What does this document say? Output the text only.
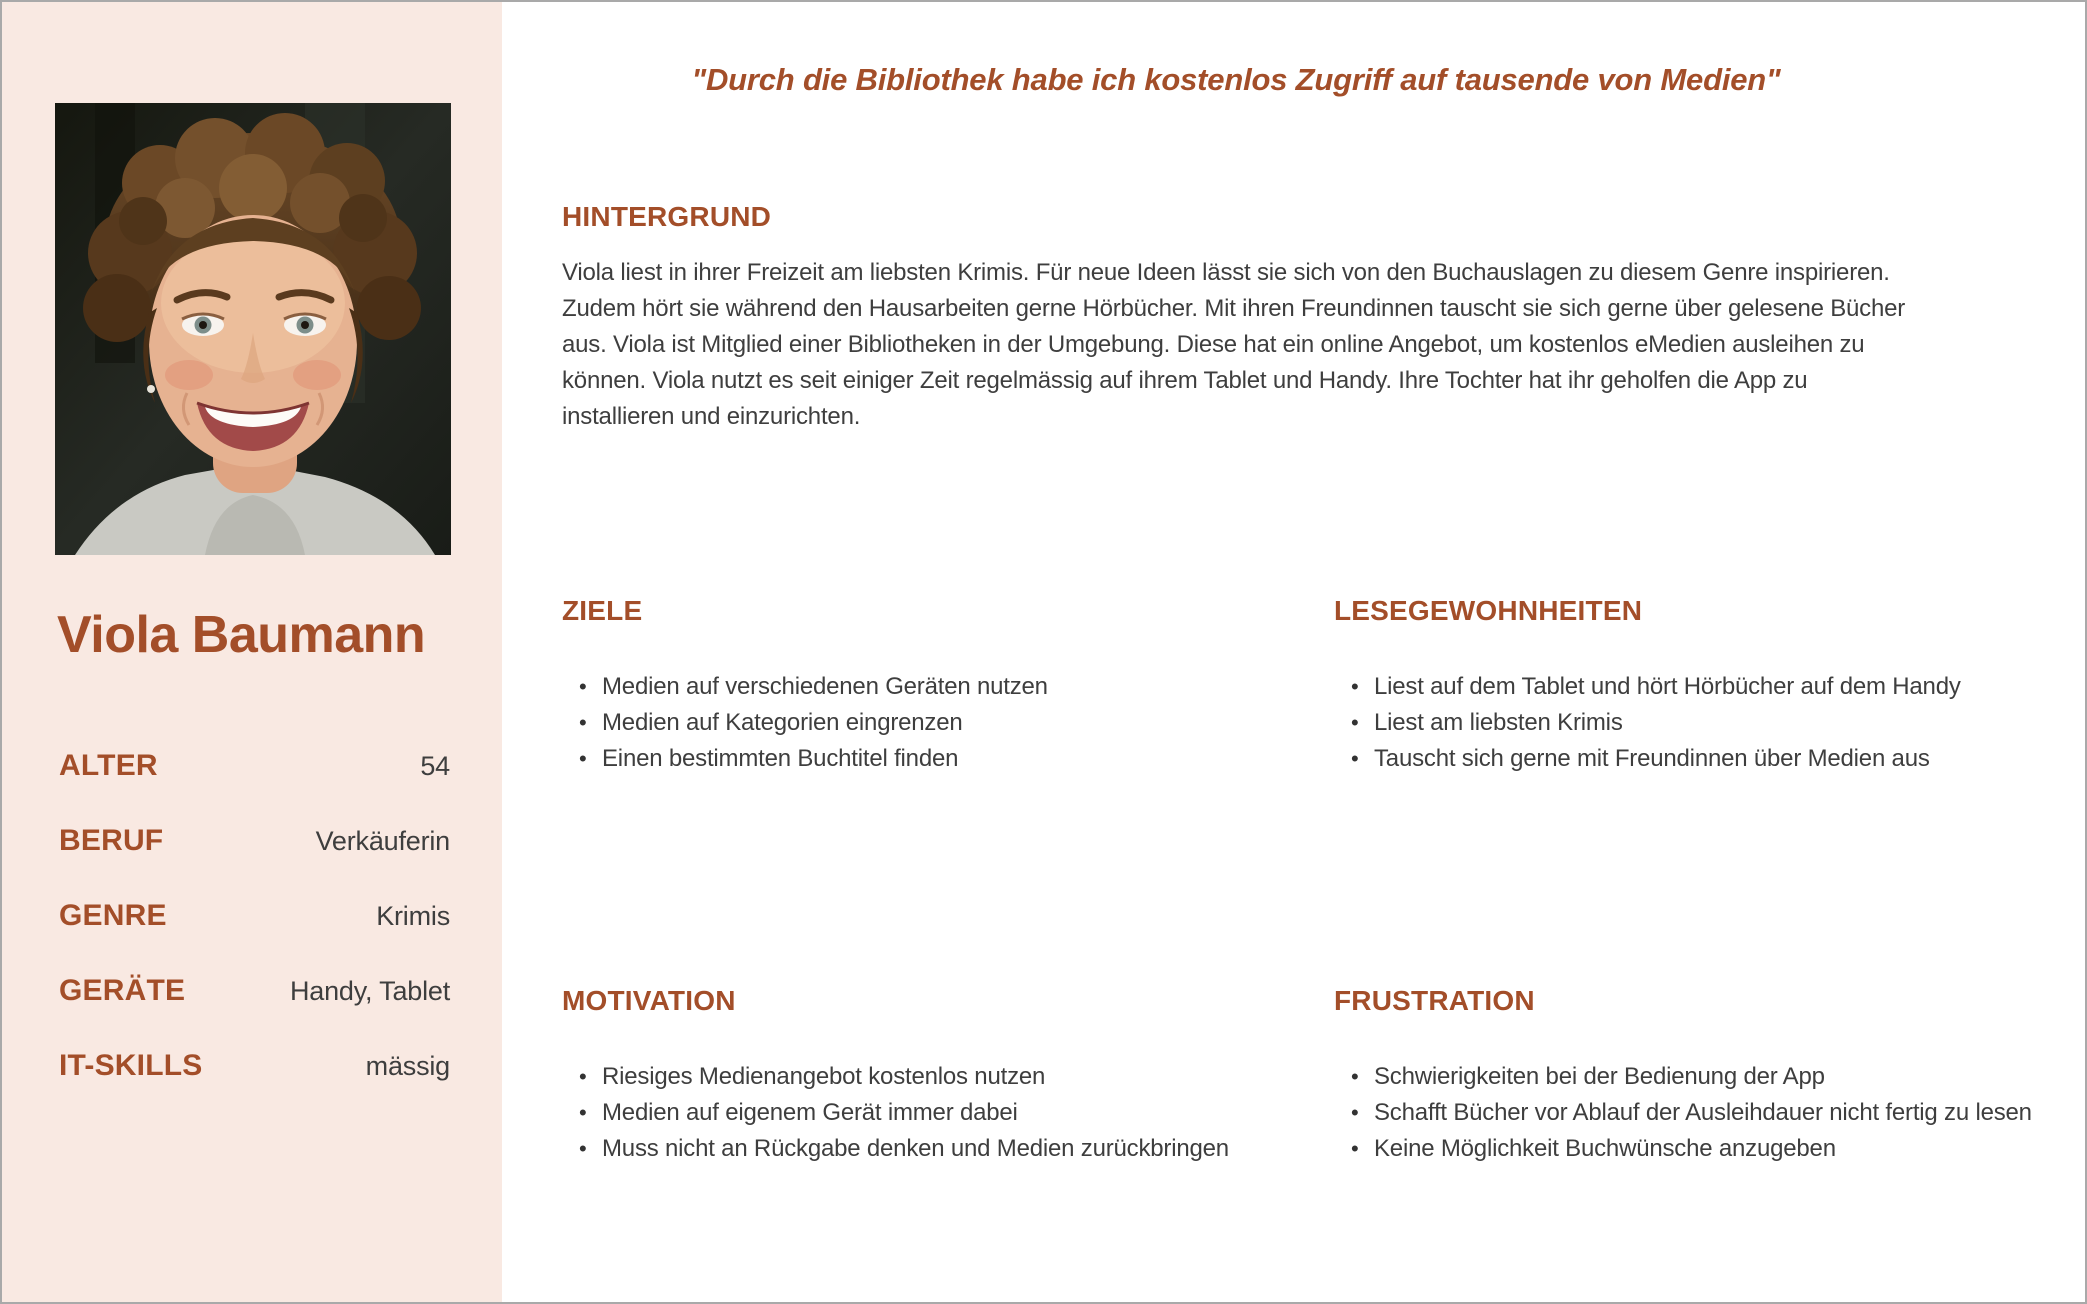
Viola Baumann
ALTER	54
BERUF	Verkäuferin
GENRE	Krimis
GERÄTE	Handy, Tablet
IT-SKILLS	mässig
"Durch die Bibliothek habe ich kostenlos Zugriff auf tausende von Medien"
HINTERGRUND

Viola liest in ihrer Freizeit am liebsten Krimis. Für neue Ideen lässt sie sich von den Buchauslagen zu diesem Genre inspirieren. Zudem hört sie während den Hausarbeiten gerne Hörbücher. Mit ihren Freundinnen tauscht sie sich gerne über gelesene Bücher aus. Viola ist Mitglied einer Bibliotheken in der Umgebung. Diese hat ein online Angebot, um kostenlos eMedien ausleihen zu können. Viola nutzt es seit einiger Zeit regelmässig auf ihrem Tablet und Handy. Ihre Tochter hat ihr geholfen die App zu installieren und einzurichten.

ZIELE
• Medien auf verschiedenen Geräten nutzen
• Medien auf Kategorien eingrenzen
• Einen bestimmten Buchtitel finden
LESEGEWOHNHEITEN
• Liest auf dem Tablet und hört Hörbücher auf dem Handy
• Liest am liebsten Krimis
• Tauscht sich gerne mit Freundinnen über Medien aus
MOTIVATION
• Riesiges Medienangebot kostenlos nutzen
• Medien auf eigenem Gerät immer dabei
• Muss nicht an Rückgabe denken und Medien zurückbringen
FRUSTRATION
• Schwierigkeiten bei der Bedienung der App
• Schafft Bücher vor Ablauf der Ausleihdauer nicht fertig zu lesen
• Keine Möglichkeit Buchwünsche anzugeben
